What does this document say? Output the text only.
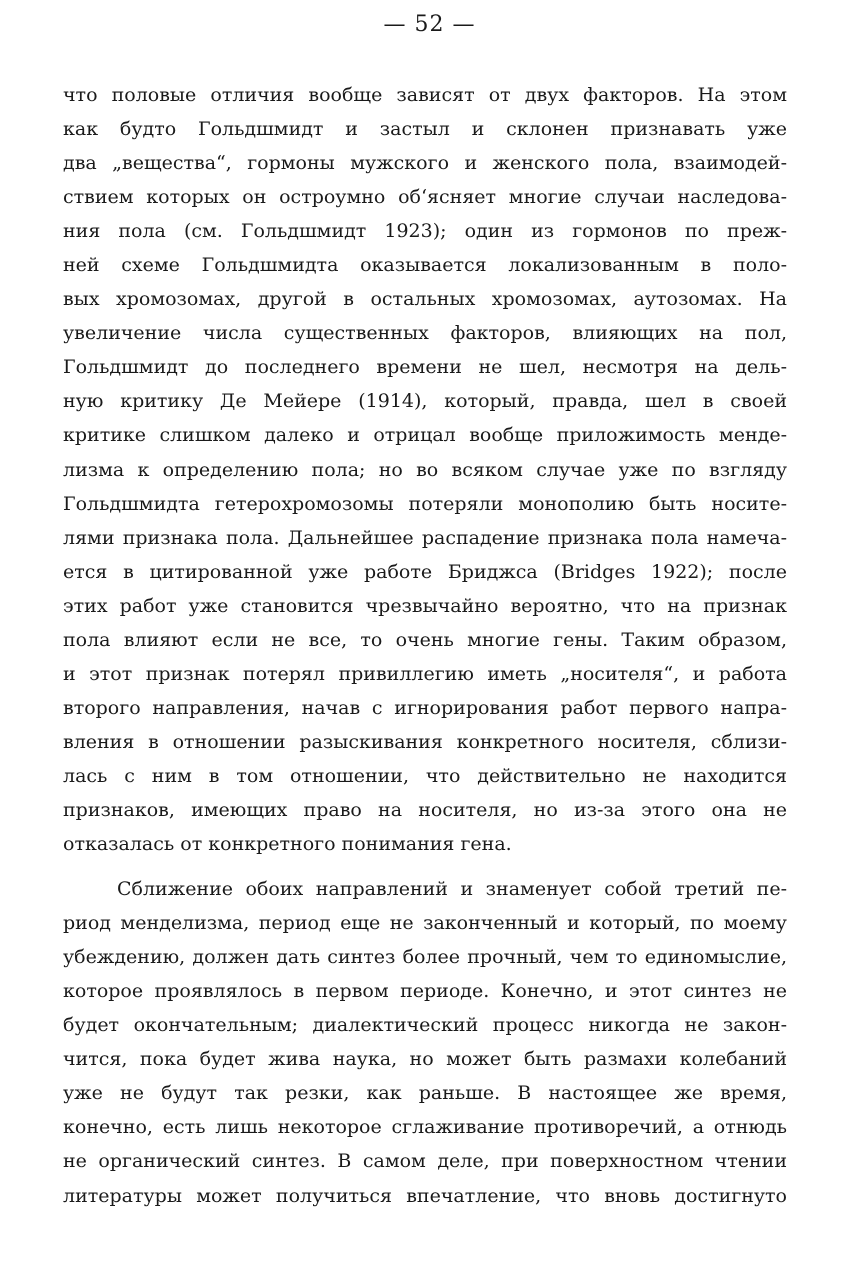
— 52 —
что половые отличия вообще зависят от двух факторов. На этом
как будто Гольдшмидт и застыл и склонен признавать уже
два „вещества“, гормоны мужского и женского пола, взаимодей-
ствием которых он остроумно об‘ясняет многие случаи наследова-
ния пола (см. Гольдшмидт 1923); один из гормонов по преж-
ней схеме Гольдшмидта оказывается локализованным в поло-
вых хромозомах, другой в остальных хромозомах, аутозомах. На
увеличение числа существенных факторов, влияющих на пол,
Гольдшмидт до последнего времени не шел, несмотря на дель-
ную критику Де Мейере (1914), который, правда, шел в своей
критике слишком далеко и отрицал вообще приложимость менде-
лизма к определению пола; но во всяком случае уже по взгляду
Гольдшмидта гетерохромозомы потеряли монополию быть носите-
лями признака пола. Дальнейшее распадение признака пола намеча-
ется в цитированной уже работе Бриджса (Bridges 1922); после
этих работ уже становится чрезвычайно вероятно, что на признак
пола влияют если не все, то очень многие гены. Таким образом,
и этот признак потерял привиллегию иметь „носителя“, и работа
второго направления, начав с игнорирования работ первого напра-
вления в отношении разыскивания конкретного носителя, сблизи-
лась с ним в том отношении, что действительно не находится
признаков, имеющих право на носителя, но из-за этого она не
отказалась от конкретного понимания гена.
Сближение обоих направлений и знаменует собой третий пе-
риод менделизма, период еще не законченный и который, по моему
убеждению, должен дать синтез более прочный, чем то единомыслие,
которое проявлялось в первом периоде. Конечно, и этот синтез не
будет окончательным; диалектический процесс никогда не закон-
чится, пока будет жива наука, но может быть размахи колебаний
уже не будут так резки, как раньше. В настоящее же время,
конечно, есть лишь некоторое сглаживание противоречий, а отнюдь
не органический синтез. В самом деле, при поверхностном чтении
литературы может получиться впечатление, что вновь достигнуто
